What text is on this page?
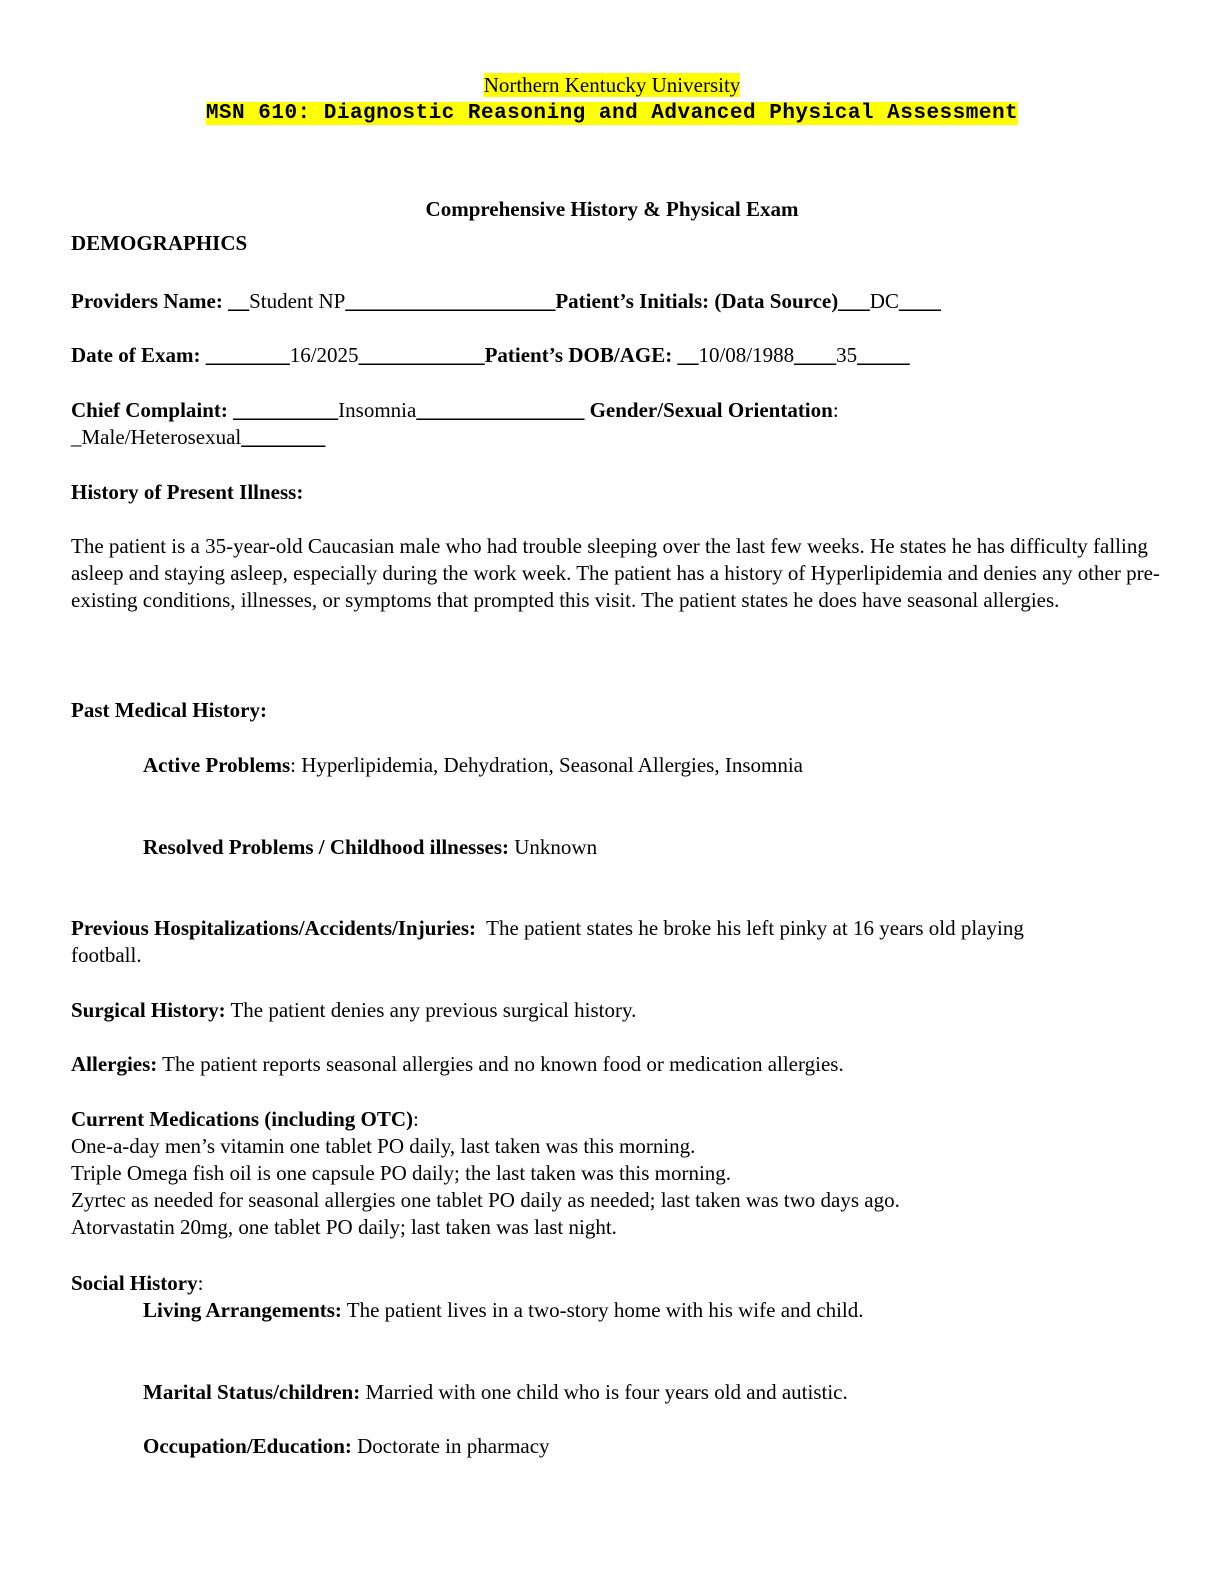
Northern Kentucky University
MSN 610: Diagnostic Reasoning and Advanced Physical Assessment
Comprehensive History & Physical Exam
DEMOGRAPHICS
Providers Name: __Student NP____________________Patient’s Initials: (Data Source)___DC____
Date of Exam: ________16/2025____________Patient’s DOB/AGE: __10/08/1988____35_____
Chief Complaint: __________Insomnia________________ Gender/Sexual Orientation:
_Male/Heterosexual________
History of Present Illness:
The patient is a 35-year-old Caucasian male who had trouble sleeping over the last few weeks. He states he has difficulty falling asleep and staying asleep, especially during the work week. The patient has a history of Hyperlipidemia and denies any other pre-existing conditions, illnesses, or symptoms that prompted this visit. The patient states he does have seasonal allergies.
Past Medical History:
Active Problems: Hyperlipidemia, Dehydration, Seasonal Allergies, Insomnia
Resolved Problems / Childhood illnesses: Unknown
Previous Hospitalizations/Accidents/Injuries:  The patient states he broke his left pinky at 16 years old playing football.
Surgical History: The patient denies any previous surgical history.
Allergies: The patient reports seasonal allergies and no known food or medication allergies.
Current Medications (including OTC):
One-a-day men’s vitamin one tablet PO daily, last taken was this morning.
Triple Omega fish oil is one capsule PO daily; the last taken was this morning.
Zyrtec as needed for seasonal allergies one tablet PO daily as needed; last taken was two days ago.
Atorvastatin 20mg, one tablet PO daily; last taken was last night.
Social History:
Living Arrangements: The patient lives in a two-story home with his wife and child.
Marital Status/children: Married with one child who is four years old and autistic.
Occupation/Education: Doctorate in pharmacy
